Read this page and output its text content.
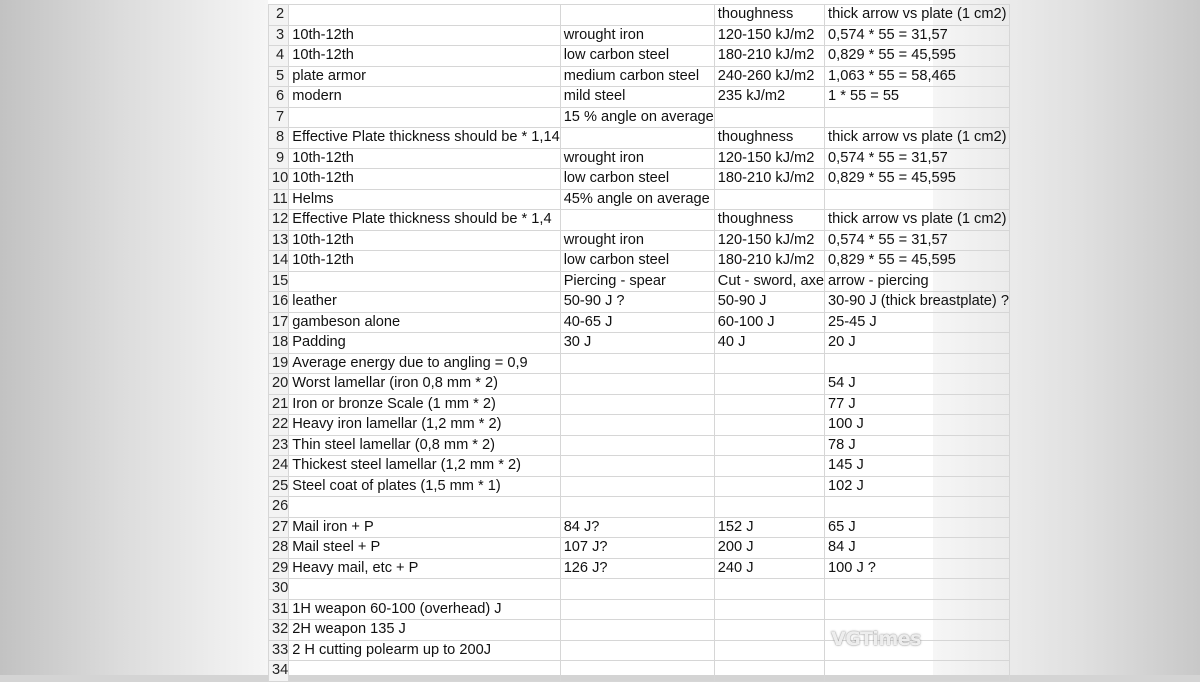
2			thoughness	thick arrow vs plate (1 cm2)
3	10th-12th	wrought iron	120-150 kJ/m2	0,574 * 55 = 31,57
4	10th-12th	low carbon steel	180-210 kJ/m2	0,829 * 55 = 45,595
5	plate armor	medium carbon steel	240-260 kJ/m2	1,063 * 55 = 58,465
6	modern	mild steel	235 kJ/m2	1 * 55 = 55
7		15 % angle on average		
8	Effective Plate thickness should be * 1,14		thoughness	thick arrow vs plate (1 cm2)
9	10th-12th	wrought iron	120-150 kJ/m2	0,574 * 55 = 31,57
10	10th-12th	low carbon steel	180-210 kJ/m2	0,829 * 55 = 45,595
11	Helms	45% angle on average		
12	Effective Plate thickness should be * 1,4		thoughness	thick arrow vs plate (1 cm2)
13	10th-12th	wrought iron	120-150 kJ/m2	0,574 * 55 = 31,57
14	10th-12th	low carbon steel	180-210 kJ/m2	0,829 * 55 = 45,595
15		Piercing - spear	Cut - sword, axe	arrow - piercing
16	leather	50-90 J ?	50-90 J	30-90 J (thick breastplate) ?
17	gambeson alone	40-65 J	60-100 J	25-45 J
18	Padding	30 J	40 J	20 J
19	Average energy due to angling = 0,9			
20	Worst lamellar (iron 0,8 mm * 2)			54 J
21	Iron or bronze Scale (1 mm * 2)			77 J
22	Heavy iron lamellar (1,2 mm * 2)			100 J
23	Thin steel lamellar (0,8 mm * 2)			78 J
24	Thickest steel lamellar (1,2 mm * 2)			145 J
25	Steel coat of plates (1,5 mm * 1)			102 J
26				
27	Mail iron + P	84 J?	152 J	65 J
28	Mail steel + P	107 J?	200 J	84 J
29	Heavy mail, etc + P	126 J?	240 J	100 J ?
30				
31	1H weapon 60-100 (overhead) J			
32	2H weapon 135 J			
33	2 H cutting polearm up to 200J			
34				
VGTimes
